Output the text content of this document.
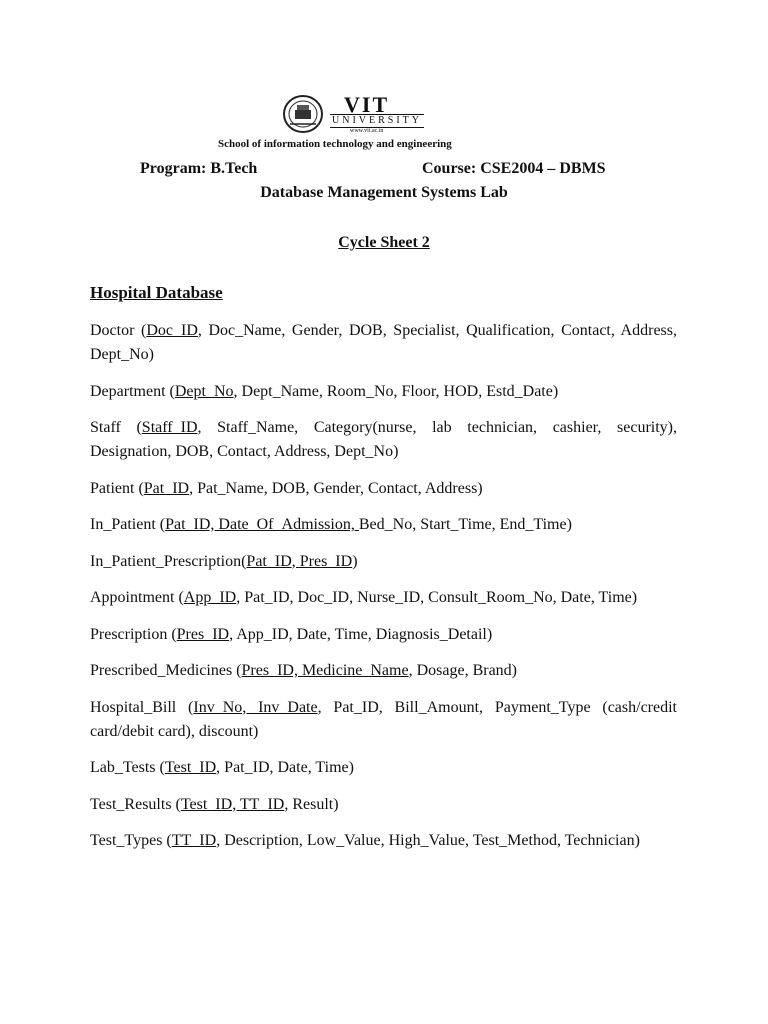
VIT
UNIVERSITY
www.vit.ac.in
School of information technology and engineering
Program: B.Tech	Course: CSE2004 – DBMS
Database Management Systems Lab
Cycle Sheet 2
Hospital Database

Doctor (Doc_ID, Doc_Name, Gender, DOB, Specialist, Qualification, Contact, Address, Dept_No)

Department (Dept_No, Dept_Name, Room_No, Floor, HOD, Estd_Date)

Staff (Staff_ID, Staff_Name, Category(nurse, lab technician, cashier, security), Designation, DOB, Contact, Address, Dept_No)

Patient (Pat_ID, Pat_Name, DOB, Gender, Contact, Address)

In_Patient (Pat_ID, Date_Of_Admission, Bed_No, Start_Time, End_Time)

In_Patient_Prescription(Pat_ID, Pres_ID)

Appointment (App_ID, Pat_ID, Doc_ID, Nurse_ID, Consult_Room_No, Date, Time)

Prescription (Pres_ID, App_ID, Date, Time, Diagnosis_Detail)

Prescribed_Medicines (Pres_ID, Medicine_Name, Dosage, Brand)

Hospital_Bill (Inv_No, Inv_Date, Pat_ID, Bill_Amount, Payment_Type (cash/credit card/debit card), discount)

Lab_Tests (Test_ID, Pat_ID, Date, Time)

Test_Results (Test_ID, TT_ID, Result)

Test_Types (TT_ID, Description, Low_Value, High_Value, Test_Method, Technician)
